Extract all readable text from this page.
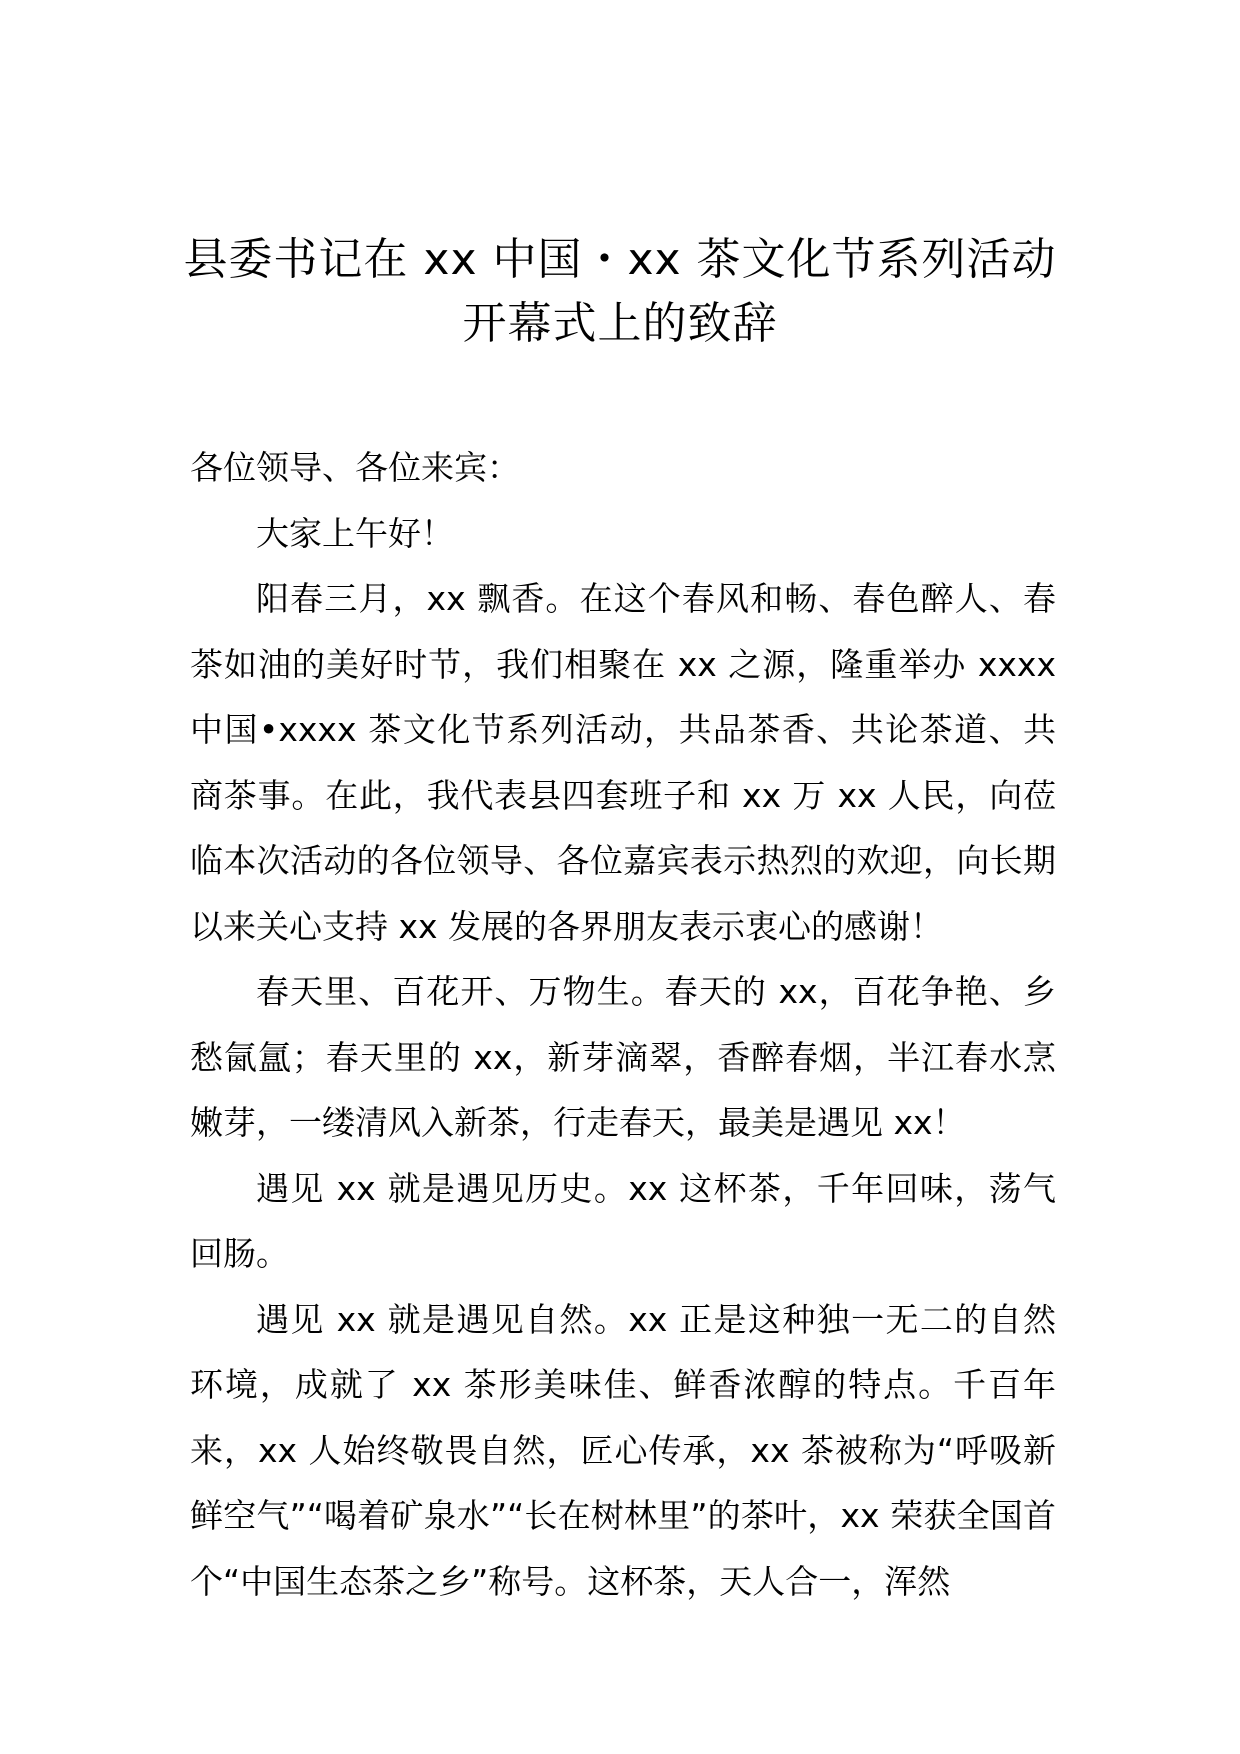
县委书记在 xx 中国・xx 茶文化节系列活动
开幕式上的致辞

各位领导、各位来宾：

大家上午好！

阳春三月，xx 飘香。在这个春风和畅、春色醉人、春茶如油的美好时节，我们相聚在 xx 之源，隆重举办 xxxx 中国•xxxx 茶文化节系列活动，共品茶香、共论茶道、共商茶事。在此，我代表县四套班子和 xx 万 xx 人民，向莅临本次活动的各位领导、各位嘉宾表示热烈的欢迎，向长期以来关心支持 xx 发展的各界朋友表示衷心的感谢！

春天里、百花开、万物生。春天的 xx，百花争艳、乡愁氤氲；春天里的 xx，新芽滴翠，香醉春烟，半江春水烹嫩芽，一缕清风入新茶，行走春天，最美是遇见 xx！

遇见 xx 就是遇见历史。xx 这杯茶，千年回味，荡气回肠。

遇见 xx 就是遇见自然。xx 正是这种独一无二的自然环境，成就了 xx 茶形美味佳、鲜香浓醇的特点。千百年来，xx 人始终敬畏自然，匠心传承，xx 茶被称为“呼吸新鲜空气”“喝着矿泉水”“长在树林里”的茶叶，xx 荣获全国首个“中国生态茶之乡”称号。这杯茶，天人合一，浑然
